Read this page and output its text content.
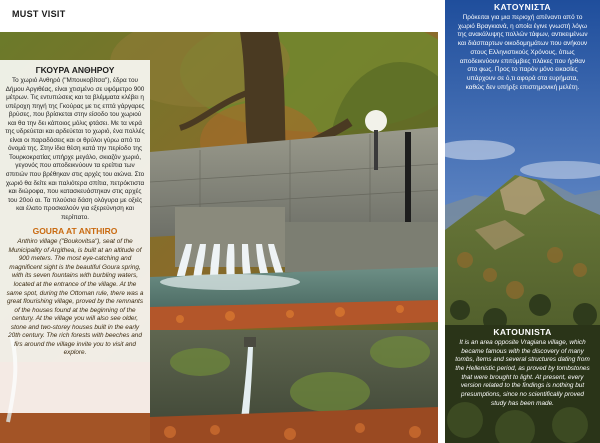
MUST VISIT
ΓΚΟΥΡΑ ΑΝΘΗΡΟΥ

Το χωριό Ανθηρό ("Μπουκοβίτσα"), έδρα του Δήμου Αργιθέας, είναι χτισμένο σε υψόμετρο 900 μέτρων. Τις εντυπώσεις και τα βλέμματα κλέβει η υπέροχη πηγή της Γκούρας με τις επτά γάργαρες βρύσες, που βρίσκεται στην είσοδο του χωριού και θα την δει κάποιος μόλις φτάσει. Με τα νερά της υδρεύεται και αρδεύεται το χωριό, ένα πολλές είναι οι παραδόσεις και οι θρύλοι γύρω από το όνομά της. Στην ίδια θέση κατά την περίοδο της Τουρκοκρατίας υπήρχε μεγάλο, σκιαζόν χωριό, γεγονός που αποδεικνύουν τα ερείπια των σπιτιών που βρέθηκαν στις αρχές του αιώνα. Στο χωριό θα δείτε και παλιότερα σπίτια, πετρόκτιστα και διώροφα, που κατασκευάστηκαν στις αρχές του 20ού αι. Τα πλούσια δάση ολόγυρα με οξιές και έλατο προσκαλούν για εξερεύνηση και περίπατο.

GOURA AT ANTHIRO

Anthiro village ("Boukovitsa"), seat of the Municipality of Argithea, is built at an altitude of 900 meters. The most eye-catching and magnificent sight is the beautiful Goura spring, with its seven fountains with burbling waters, located at the entrance of the village. At the same spot, during the Ottoman rule, there was a great flourishing village, proved by the remnants of the houses found at the beginning of the century. At the village you will also see older, stone and two-storey houses built in the early 20th century. The rich forests with beeches and firs around the village invite you to visit and explore.

ΚΑΤΟΥΝΙΣΤΑ
Πρόκειται για μια περιοχή απέναντι από το χωριό Βραγκιανά, η οποία έγινε γνωστή λόγω της ανακάλυψης πολλών τάφων, αντικειμένων και διάσπαρτων οικοδομημάτων που ανήκουν στους Ελληνιστικούς Χρόνους, όπως αποδεικνύουν επιτύμβιες πλάκες που ήρθαν στο φως. Προς το παρόν μόνο εικασίες υπάρχουν σε ό,τι αφορά στα ευρήματα, καθώς δεν υπήρξε επιστημονική μελέτη.
KATOUNISTA
It is an area opposite Vragiana village, which became famous with the discovery of many tombs, items and several structures dating from the Hellenistic period, as proved by tombstones that were brought to light. At present, every version related to the findings is nothing but presumptions, since no scientifically proved study has been made.
